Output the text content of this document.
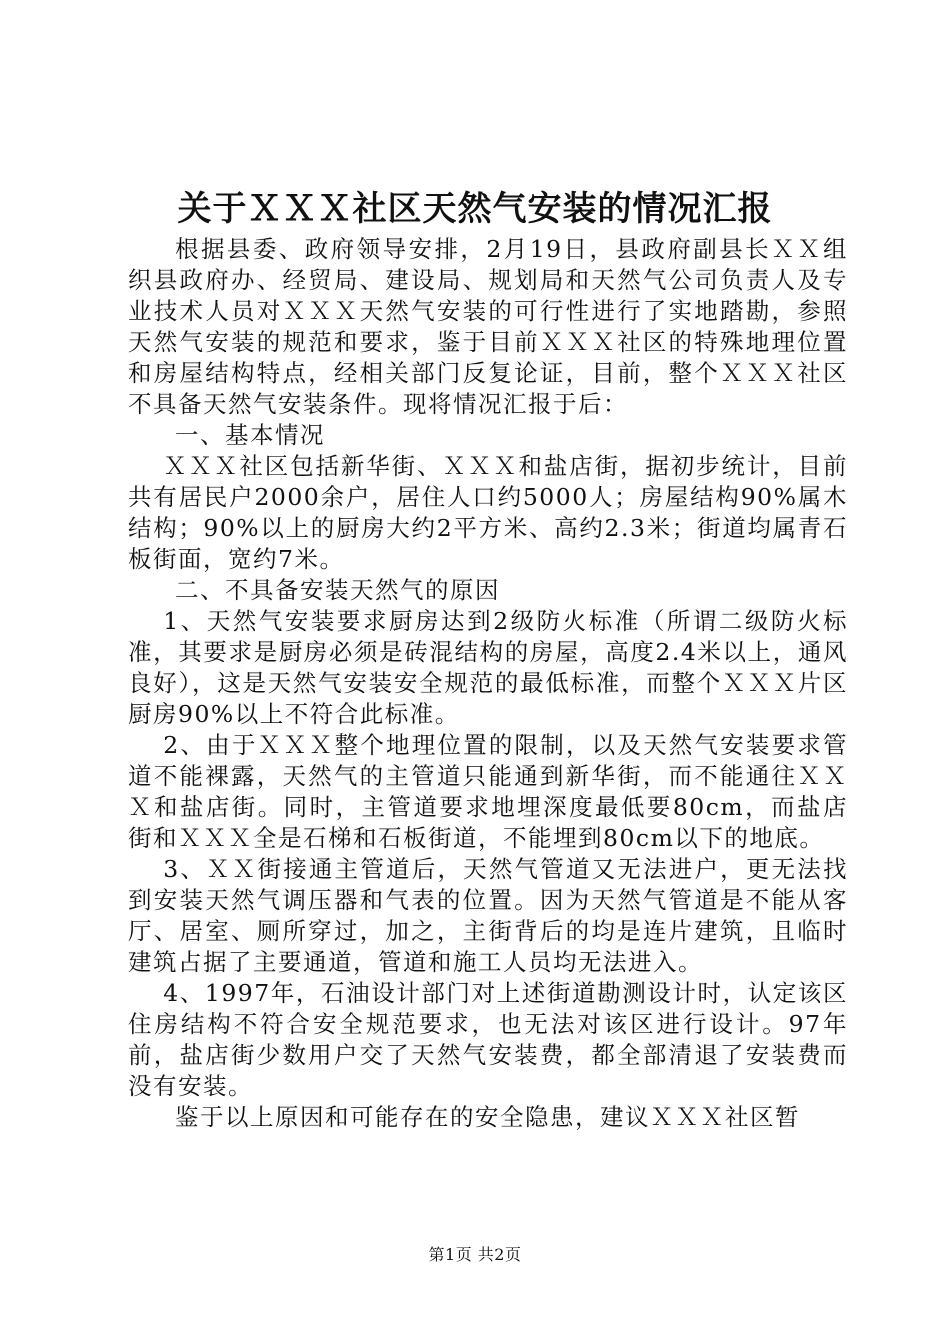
关于ＸＸＸ社区天然气安装的情况汇报

根据县委、政府领导安排，2月19日，县政府副县长ＸＸ组织县政府办、经贸局、建设局、规划局和天然气公司负责人及专业技术人员对ＸＸＸ天然气安装的可行性进行了实地踏勘，参照天然气安装的规范和要求，鉴于目前ＸＸＸ社区的特殊地理位置和房屋结构特点，经相关部门反复论证，目前，整个ＸＸＸ社区不具备天然气安装条件。现将情况汇报于后：

一、基本情况

ＸＸＸ社区包括新华街、ＸＸＸ和盐店街，据初步统计，目前共有居民户2000余户，居住人口约5000人；房屋结构90%属木结构；90%以上的厨房大约2平方米、高约2.3米；街道均属青石板街面，宽约7米。

二、不具备安装天然气的原因

1、天然气安装要求厨房达到2级防火标准（所谓二级防火标准，其要求是厨房必须是砖混结构的房屋，高度2.4米以上，通风良好），这是天然气安装安全规范的最低标准，而整个ＸＸＸ片区厨房90%以上不符合此标准。

2、由于ＸＸＸ整个地理位置的限制，以及天然气安装要求管道不能裸露，天然气的主管道只能通到新华街，而不能通往ＸＸＸ和盐店街。同时，主管道要求地埋深度最低要80cm，而盐店街和ＸＸＸ全是石梯和石板街道，不能埋到80cm以下的地底。

3、ＸＸ街接通主管道后，天然气管道又无法进户，更无法找到安装天然气调压器和气表的位置。因为天然气管道是不能从客厅、居室、厕所穿过，加之，主街背后的均是连片建筑，且临时建筑占据了主要通道，管道和施工人员均无法进入。

4、1997年，石油设计部门对上述街道勘测设计时，认定该区住房结构不符合安全规范要求，也无法对该区进行设计。97年前，盐店街少数用户交了天然气安装费，都全部清退了安装费而没有安装。

鉴于以上原因和可能存在的安全隐患，建议ＸＸＸ社区暂

第1页 共2页
